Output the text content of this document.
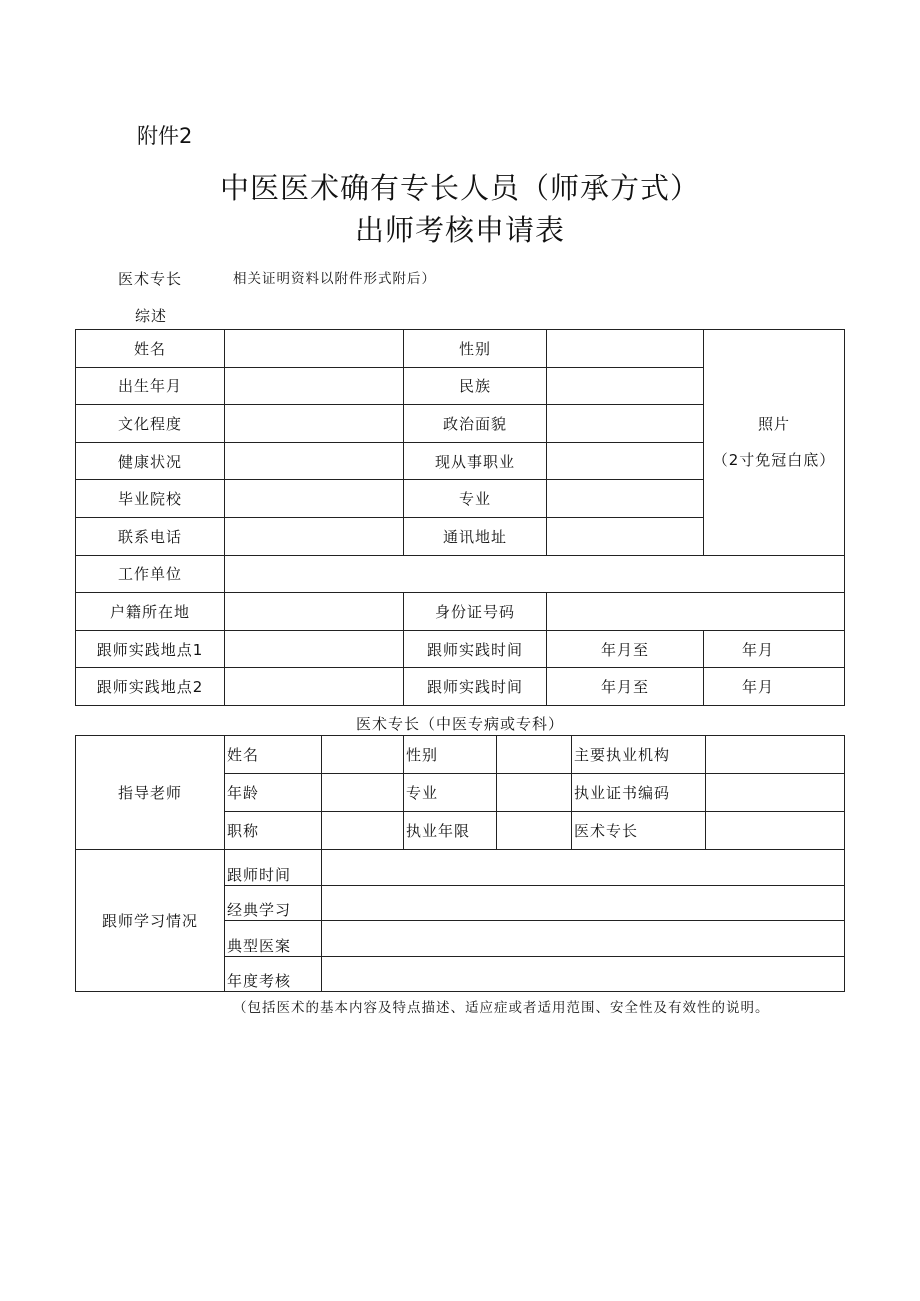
附件2
中医医术确有专长人员（师承方式）
出师考核申请表
医术专长
综述
相关证明资料以附件形式附后）
姓名		性别		照片
（2寸免冠白底）

出生年月		民族		
文化程度		政治面貌		
健康状况		现从事职业		
毕业院校		专业		
联系电话		通讯地址		
工作单位				
户籍所在地		身份证号码		
跟师实践地点1		跟师实践时间	年月至	年月
跟师实践地点2		跟师实践时间	年月至	年月
医术专长（中医专病或专科）
指导老师	姓名		性别		主要执业机构	
	年龄		专业		执业证书编码	
	职称		执业年限		医术专长	
跟师学习情况	跟师时间					
	经典学习					
	典型医案					
	年度考核					
（包括医术的基本内容及特点描述、适应症或者适用范围、安全性及有效性的说明。
